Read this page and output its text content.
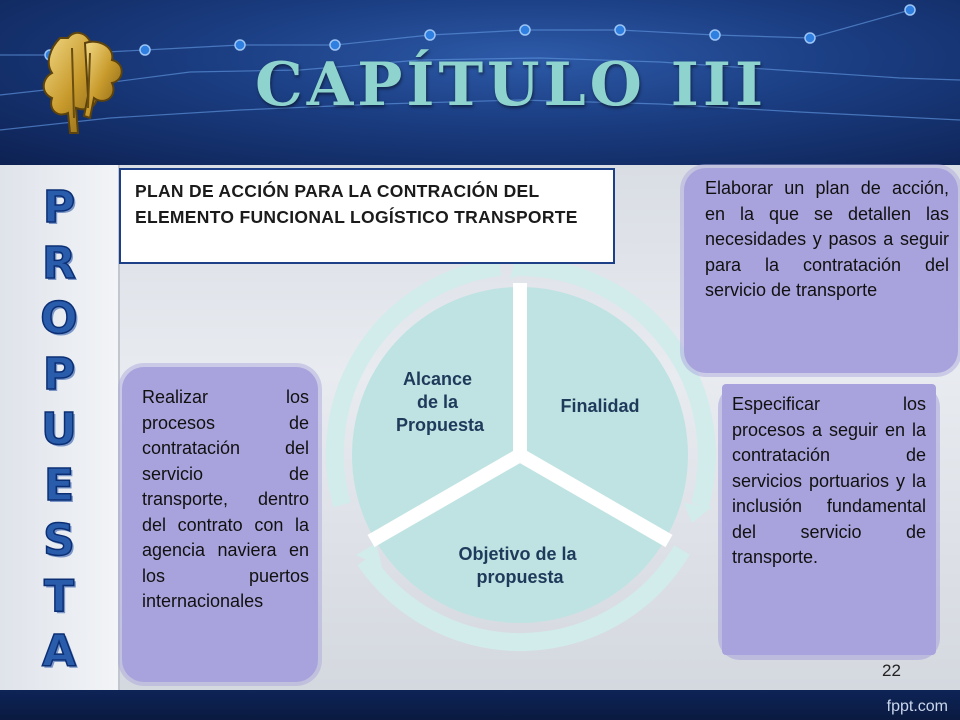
CAPÍTULO III
P
R
O
P
U
E
S
T
A
Alcance de la Propuesta
Finalidad
Objetivo de la propuesta
PLAN DE ACCIÓN PARA LA CONTRACIÓN DEL ELEMENTO FUNCIONAL LOGÍSTICO TRANSPORTE
Realizar los procesos de contratación del servicio de transporte, dentro del contrato con la agencia naviera en los puertos internacionales
Elaborar un plan de acción, en la que se detallen las necesidades y pasos a seguir para la contratación del servicio de transporte
Especificar los procesos a seguir en la contratación de servicios portuarios y la inclusión fundamental del servicio de transporte.
22
fppt.com
